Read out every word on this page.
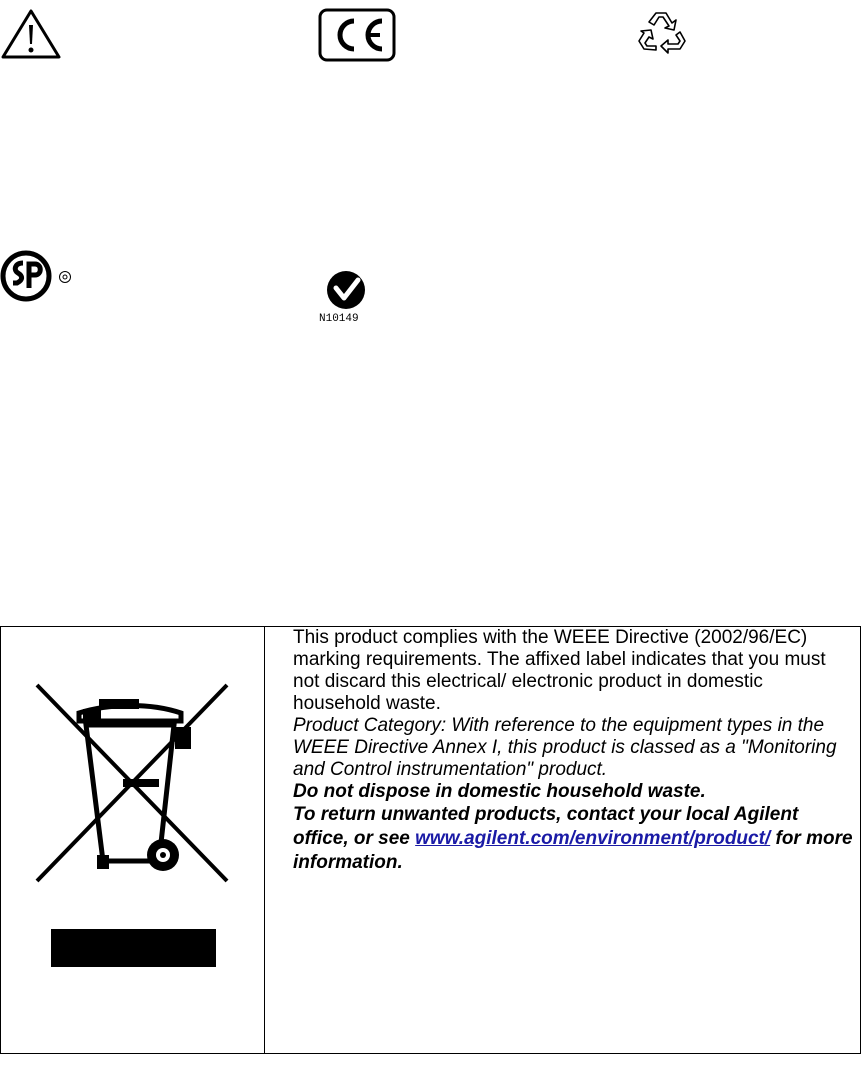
N10149

This product complies with the WEEE Directive (2002/96/EC) marking requirements. The affixed label indicates that you must not discard this electrical/ electronic product in domestic household waste.

Product Category: With reference to the equipment types in the WEEE Directive Annex I, this product is classed as a "Monitoring and Control instrumentation" product.

Do not dispose in domestic household waste.

To return unwanted products, contact your local Agilent office, or see www.agilent.com/environment/product/ for more information.
